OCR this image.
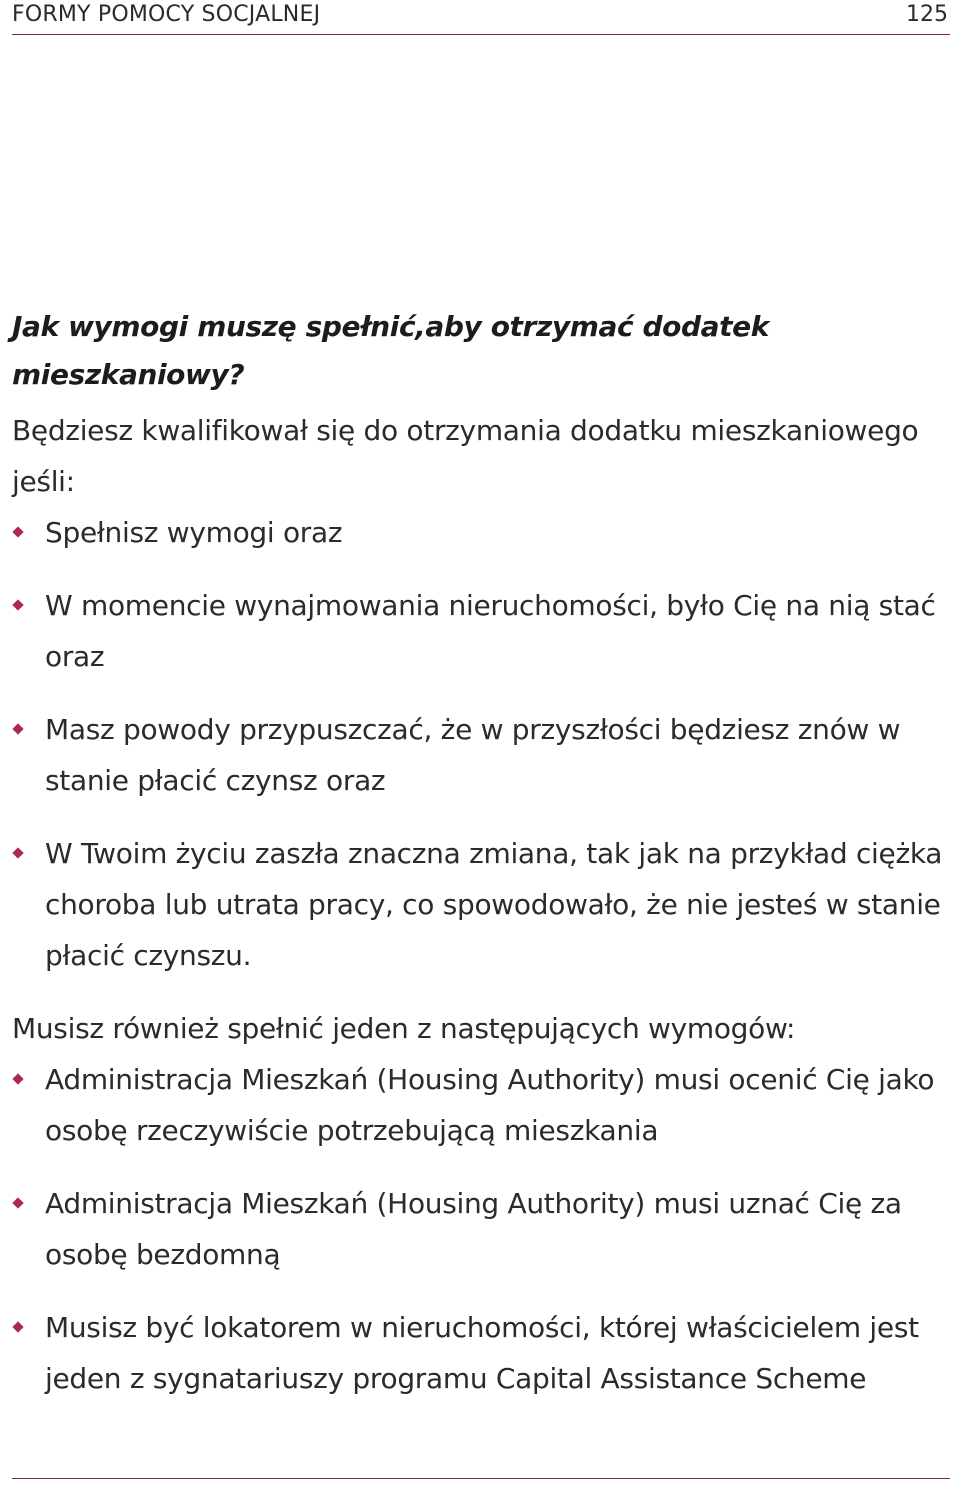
FORMY POMOCY SOCJALNEJ	125
Jak wymogi muszę spełnić,aby otrzymać dodatek mieszkaniowy?

Będziesz kwalifikował się do otrzymania dodatku mieszkaniowego jeśli:

Spełnisz wymogi oraz
W momencie wynajmowania nieruchomości, było Cię na nią stać oraz
Masz powody przypuszczać, że w przyszłości będziesz znów w stanie płacić czynsz oraz
W Twoim życiu zaszła znaczna zmiana, tak jak na przykład ciężka choroba lub utrata pracy, co spowodowało, że nie jesteś w stanie płacić czynszu.

Musisz również spełnić jeden z następujących wymogów:

Administracja Mieszkań (Housing Authority) musi ocenić Cię jako osobę rzeczywiście potrzebującą mieszkania
Administracja Mieszkań (Housing Authority) musi uznać Cię za osobę bezdomną
Musisz być lokatorem w nieruchomości, której właścicielem jest jeden z sygnatariuszy programu Capital Assistance Scheme
